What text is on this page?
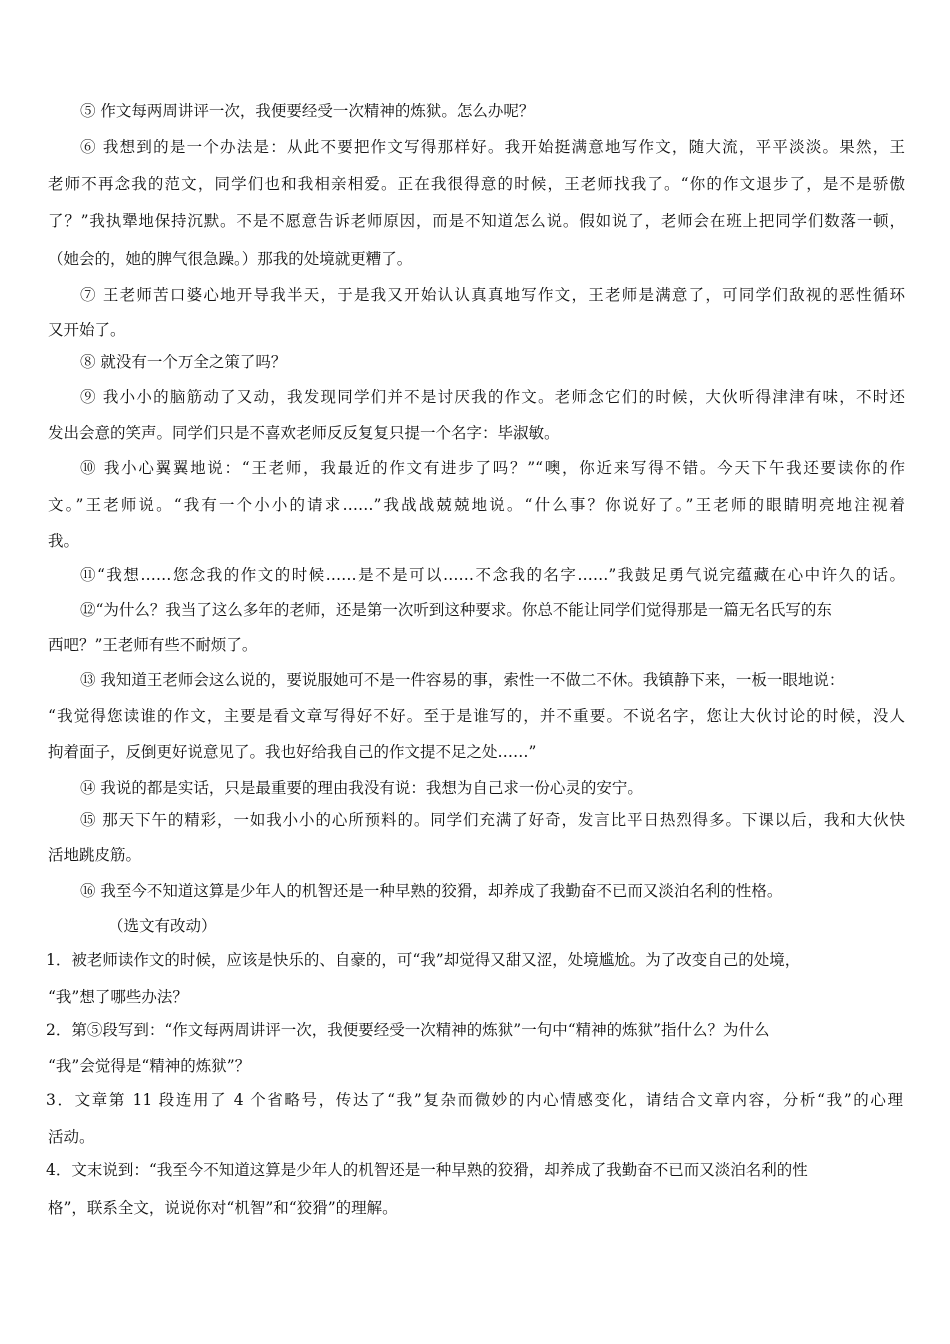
⑤ 作文每两周讲评一次，我便要经受一次精神的炼狱。怎么办呢？
⑥ 我想到的是一个办法是：从此不要把作文写得那样好。我开始挺满意地写作文，随大流，平平淡淡。果然，王
老师不再念我的范文，同学们也和我相亲相爱。正在我很得意的时候，王老师找我了。“你的作文退步了，是不是骄傲
了？”我执犟地保持沉默。不是不愿意告诉老师原因，而是不知道怎么说。假如说了，老师会在班上把同学们数落一顿，
（她会的，她的脾气很急躁。）那我的处境就更糟了。
⑦ 王老师苦口婆心地开导我半天，于是我又开始认认真真地写作文，王老师是满意了，可同学们敌视的恶性循环
又开始了。
⑧ 就没有一个万全之策了吗？
⑨ 我小小的脑筋动了又动，我发现同学们并不是讨厌我的作文。老师念它们的时候，大伙听得津津有味，不时还
发出会意的笑声。同学们只是不喜欢老师反反复复只提一个名字：毕淑敏。
⑩ 我小心翼翼地说：“王老师，我最近的作文有进步了吗？”“噢，你近来写得不错。今天下午我还要读你的作
文。”王老师说。“我有一个小小的请求……”我战战兢兢地说。“什么事？你说好了。”王老师的眼睛明亮地注视着
我。
⑪“我想……您念我的作文的时候……是不是可以……不念我的名字……”我鼓足勇气说完蕴藏在心中许久的话。
⑫“为什么？我当了这么多年的老师，还是第一次听到这种要求。你总不能让同学们觉得那是一篇无名氏写的东
西吧？”王老师有些不耐烦了。
⑬ 我知道王老师会这么说的，要说服她可不是一件容易的事，索性一不做二不休。我镇静下来，一板一眼地说：
“我觉得您读谁的作文，主要是看文章写得好不好。至于是谁写的，并不重要。不说名字，您让大伙讨论的时候，没人
拘着面子，反倒更好说意见了。我也好给我自己的作文提不足之处……”
⑭ 我说的都是实话，只是最重要的理由我没有说：我想为自己求一份心灵的安宁。
⑮ 那天下午的精彩，一如我小小的心所预料的。同学们充满了好奇，发言比平日热烈得多。下课以后，我和大伙快
活地跳皮筋。
⑯ 我至今不知道这算是少年人的机智还是一种早熟的狡猾，却养成了我勤奋不已而又淡泊名利的性格。
（选文有改动）
1．被老师读作文的时候，应该是快乐的、自豪的，可“我”却觉得又甜又涩，处境尴尬。为了改变自己的处境，
“我”想了哪些办法？
2．第⑤段写到：“作文每两周讲评一次，我便要经受一次精神的炼狱”一句中“精神的炼狱”指什么？为什么
“我”会觉得是“精神的炼狱”？
3．文章第 11 段连用了 4 个省略号，传达了“我”复杂而微妙的内心情感变化，请结合文章内容，分析“我”的心理
活动。
4．文末说到：“我至今不知道这算是少年人的机智还是一种早熟的狡猾，却养成了我勤奋不已而又淡泊名利的性
格”，联系全文，说说你对“机智”和“狡猾”的理解。
